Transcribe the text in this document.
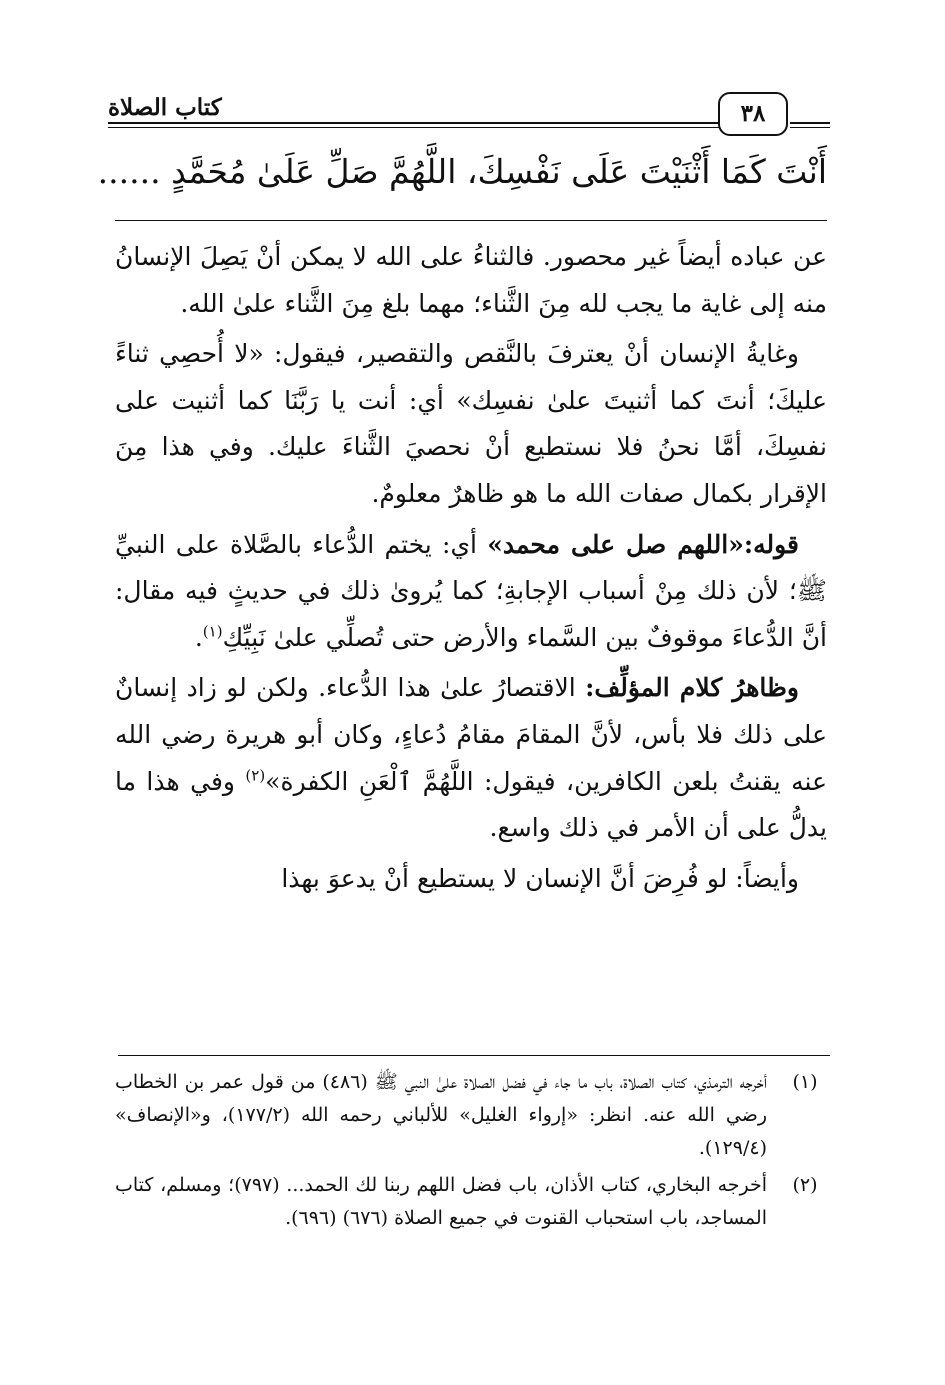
كتاب الصلاة	٣٨
أَنْتَ كَمَا أَثْنَيْتَ عَلَى نَفْسِكَ، اللَّهُمَّ صَلِّ عَلَىٰ مُحَمَّدٍ ......

عن عباده أيضاً غير محصور. فالثناءُ على الله لا يمكن أنْ يَصِلَ الإنسانُ منه إلى غاية ما يجب لله مِنَ الثَّناء؛ مهما بلغ مِنَ الثَّناء علىٰ الله.

وغايةُ الإنسان أنْ يعترفَ بالنَّقص والتقصير، فيقول: «لا أُحصِي ثناءً عليكَ؛ أنتَ كما أثنيتَ علىٰ نفسِك» أي: أنت يا رَبَّنَا كما أثنيت على نفسِكَ، أمَّا نحنُ فلا نستطيع أنْ نحصيَ الثَّناءَ عليك. وفي هذا مِنَ الإقرار بكمال صفات الله ما هو ظاهرٌ معلومٌ.

قوله:«اللهم صل على محمد» أي: يختم الدُّعاء بالصَّلاة على النبيِّ ﷺ؛ لأن ذلك مِنْ أسباب الإجابةِ؛ كما يُروىٰ ذلك في حديثٍ فيه مقال: أنَّ الدُّعاءَ موقوفٌ بين السَّماء والأرض حتى تُصلِّي علىٰ نَبِيِّكِ$^{(١)}$.

وظاهرُ كلام المؤلِّف: الاقتصارُ علىٰ هذا الدُّعاء. ولكن لو زاد إنسانٌ على ذلك فلا بأس، لأنَّ المقامَ مقامُ دُعاءٍ، وكان أبو هريرة رضي الله عنه يقنتُ بلعن الكافرين، فيقول: اللَّهُمَّ ٱلْعَنِ الكفرة»$^{(٢)}$ وفي هذا ما يدلُّ على أن الأمر في ذلك واسع.

وأيضاً: لو فُرِضَ أنَّ الإنسان لا يستطيع أنْ يدعوَ بهذا

(١)
أخرجه الترمذي، كتاب الصلاة، باب ما جاء في فضل الصلاة علىٰ النبي ﷺ (٤٨٦) من قول عمر بن الخطاب رضي الله عنه. انظر: «إرواء الغليل» للألباني رحمه الله (١٧٧/٢)، و«الإنصاف» (١٢٩/٤).
(٢)
أخرجه البخاري، كتاب الأذان، باب فضل اللهم ربنا لك الحمد... (٧٩٧)؛ ومسلم، كتاب المساجد، باب استحباب القنوت في جميع الصلاة (٦٧٦) (٦٩٦).
